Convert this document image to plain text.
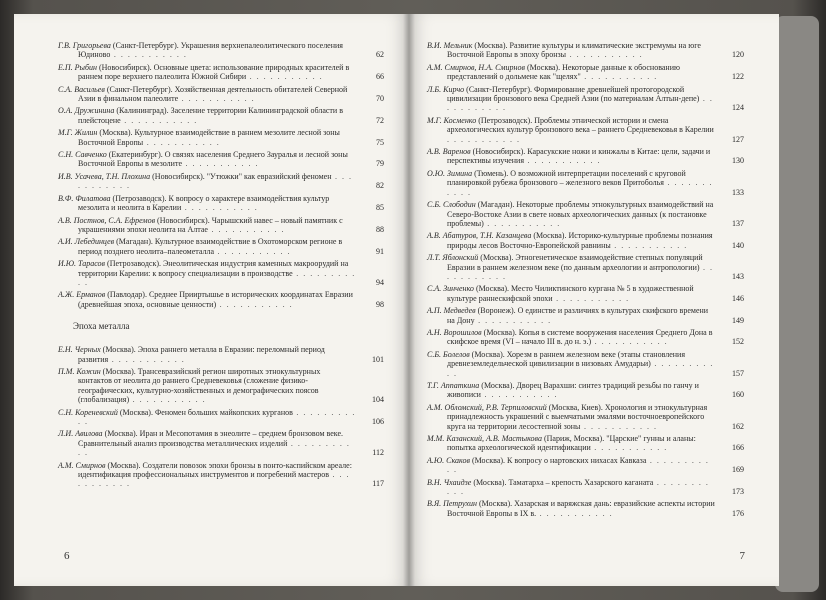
Г.В. Григорьева (Санкт-Петербург). Украшения верхнепалеолитического поселения Юдиново . . . . . . . . . . .	62
Е.П. Рыбин (Новосибирск). Основные цвета: использование природных красителей в раннем поре верхнего палеолита Южной Сибири . . . . . . . . . . .	66
С.А. Васильев (Санкт-Петербург). Хозяйственная деятельность обитателей Северной Азии в финальном палеолите . . . . . . . . . . .	70
О.А. Дружинина (Калининград). Заселение территории Калининградской области в плейстоцене . . . . . . . . . . .	72
М.Г. Жилин (Москва). Культурное взаимодействие в раннем мезолите лесной зоны Восточной Европы . . . . . . . . . . .	75
С.Н. Савченко (Екатеринбург). О связях населения Среднего Зауралья и лесной зоны Восточной Европы в мезолите . . . . . . . . . . .	79
И.В. Усачева, Т.Н. Плохина (Новосибирск). "Утюжки" как евразийский феномен . . . . . . . . . . .	82
В.Ф. Филатова (Петрозаводск). К вопросу о характере взаимодействия культур мезолита и неолита в Карелии . . . . . . . . . . .	85
А.В. Постнов, С.А. Ефремов (Новосибирск). Чарышский навес – новый памятник с украшениями эпохи неолита на Алтае . . . . . . . . . . .	88
А.И. Лебединцев (Магадан). Культурное взаимодействие в Охотоморском регионе в период позднего неолита–палеометалла . . . . . . . . . . .	91
И.Ю. Тарасов (Петрозаводск). Энеолитическая индустрия каменных макроорудий на территории Карелии: к вопросу специализации в производстве . . . . . . . . . . .	94
А.Ж. Ерманов (Павлодар). Среднее Прииртышье в исторических координатах Евразии (древнейшая эпоха, основные ценности) . . . . . . . . . . .	98
Эпоха металла
Е.Н. Черных (Москва). Эпоха раннего металла в Евразии: переломный период развития . . . . . . . . . . .	101
П.М. Кожин (Москва). Трансевразийский регион широтных этнокультурных контактов от неолита до раннего Средневековья (сложение физико-географических, культурно-хозяйственных и демографических поясов (глобализация) . . . . . . . . . . .	104
С.Н. Кореневский (Москва). Феномен больших майкопских курганов . . . . . . . . . . .	106
Л.И. Авилова (Москва). Иран и Месопотамия в энеолите – среднем бронзовом веке. Сравнительный анализ производства металлических изделий . . . . . . . . . . .	112
А.М. Смирнов (Москва). Создатели повозок эпохи бронзы в понто-каспийском ареале: идентификация профессиональных инструментов и погребений мастеров . . . . . . . . . . .	117
6
В.И. Мельник (Москва). Развитие культуры и климатические экстремумы на юге Восточной Европы в эпоху бронзы . . . . . . . . . . .	120
А.М. Смирнов, Н.А. Смирнов (Москва). Некоторые данные к обоснованию представлений о дольмене как "щелях" . . . . . . . . . . .	122
Л.Б. Кирчо (Санкт-Петербург). Формирование древнейшей протогородской цивилизации бронзового века Средней Азии (по материалам Алтын-депе) . . . . . . . . . . .	124
М.Г. Косменко (Петрозаводск). Проблемы этнической истории и смена археологических культур бронзового века – раннего Средневековья в Карелии . . . . . . . . . . .	127
А.В. Варенов (Новосибирск). Карасукские ножи и кинжалы в Китае: цели, задачи и перспективы изучения . . . . . . . . . . .	130
О.Ю. Зимина (Тюмень). О возможной интерпретации поселений с круговой планировкой рубежа бронзового – железного веков Притоболья . . . . . . . . . . .	133
С.Б. Слободин (Магадан). Некоторые проблемы этнокультурных взаимодействий на Северо-Востоке Азии в свете новых археологических данных (к постановке проблемы) . . . . . . . . . . .	137
А.В. Абатуров, Т.Н. Казанцева (Москва). Историко-культурные проблемы познания природы лесов Восточно-Европейской равнины . . . . . . . . . . .	140
Л.Т. Яблонский (Москва). Этногенетическое взаимодействие степных популяций Евразии в раннем железном веке (по данным археологии и антропологии) . . . . . . . . . . .	143
С.А. Зинченко (Москва). Место Чиликтинского кургана № 5 в художественной культуре раннескифской эпохи . . . . . . . . . . .	146
А.П. Медведев (Воронеж). О единстве и различиях в культурах скифского времени на Дону . . . . . . . . . . .	149
А.Н. Ворошилов (Москва). Копья в системе вооружения населения Среднего Дона в скифское время (VI – начало III в. до н. э.) . . . . . . . . . . .	152
С.Б. Болелов (Москва). Хорезм в раннем железном веке (этапы становления древнеземледельческой цивилизации в низовьях Амударьи) . . . . . . . . . . .	157
Т.Г. Аппаткина (Москва). Дворец Варахши: синтез традиций резьбы по ганчу и живописи . . . . . . . . . . .	160
А.М. Обломский, Р.В. Терпиловский (Москва, Киев). Хронология и этнокультурная принадлежность украшений с выемчатыми эмалями восточноевропейского круга на территории лесостепной зоны . . . . . . . . . . .	162
М.М. Казанский, А.В. Мастыкова (Париж, Москва). "Царские" гунны и аланы: попытка археологической идентификации . . . . . . . . . . .	166
А.Ю. Скаков (Москва). К вопросу о нартовских нихасах Кавказа . . . . . . . . . . .	169
В.Н. Чхаидзе (Москва). Таматарха – крепость Хазарского каганата . . . . . . . . . . .	173
В.Я. Петрухин (Москва). Хазарская и варяжская дань: евразийские аспекты истории Восточной Европы в IX в. . . . . . . . . . . .	176
7
